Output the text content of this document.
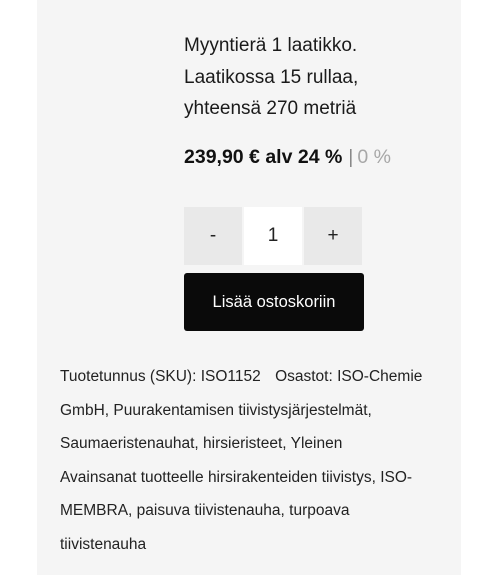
Myyntierä 1 laatikko. Laatikossa 15 rullaa, yhteensä 270 metriä

239,90 € alv 24 % | 0 %
-
1	+
Lisää ostoskoriin

Tuotetunnus (SKU): ISO1152 Osastot: ISO-Chemie GmbH, Puurakentamisen tiivistysjärjestelmät, Saumaeristenauhat, hirsieristeet, Yleinen
Avainsanat tuotteelle hirsirakenteiden tiivistys, ISO-MEMBRA, paisuva tiivistenauha, turpoava tiivistenauha
